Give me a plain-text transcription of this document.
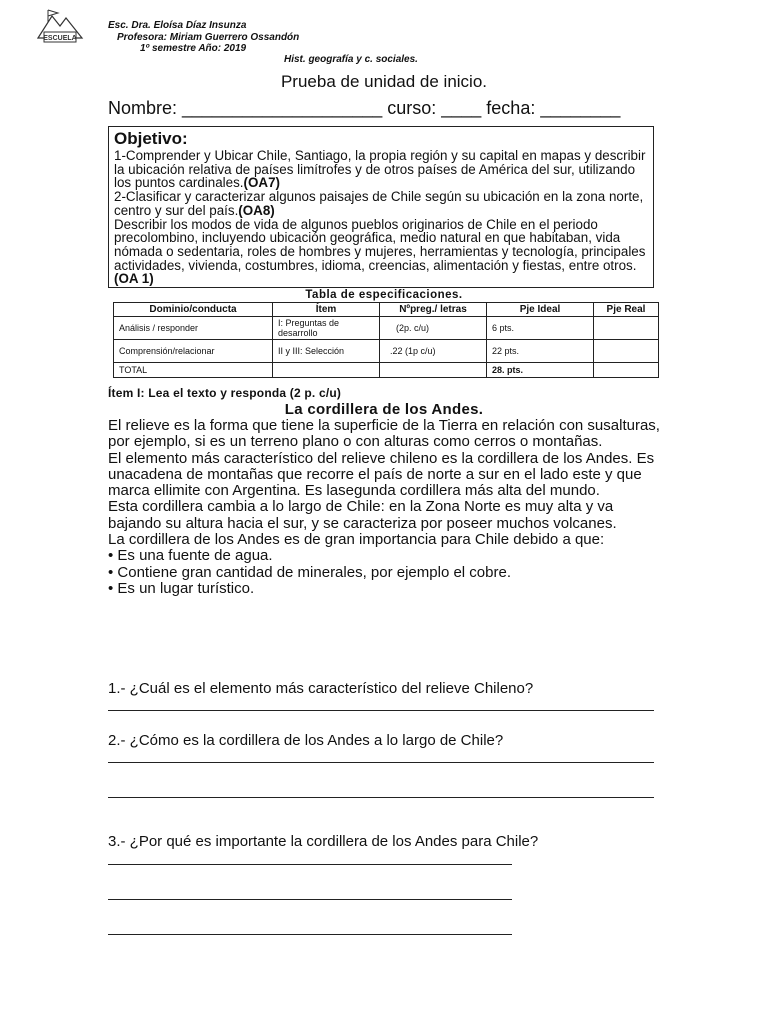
ESCUELA
Esc. Dra. Eloísa Díaz Insunza
Profesora: Miriam Guerrero Ossandón
1º semestre Año: 2019
Hist. geografía y c. sociales.
Prueba de unidad de inicio.
Nombre: ____________________ curso: ____ fecha: ________
Objetivo:

1-Comprender y Ubicar Chile, Santiago, la propia región y su capital en mapas y describir la ubicación relativa de países limítrofes y de otros países de América del sur, utilizando los puntos cardinales.(OA7)

2-Clasificar y caracterizar algunos paisajes de Chile según su ubicación en la zona norte, centro y sur del país.(OA8)

Describir los modos de vida de algunos pueblos originarios de Chile en el periodo precolombino, incluyendo ubicación geográfica, medio natural en que habitaban, vida nómada o sedentaria, roles de hombres y mujeres, herramientas y tecnología, principales actividades, vivienda, costumbres, idioma, creencias, alimentación y fiestas, entre otros. (OA 1)

Tabla de especificaciones.
Dominio/conducta	Ítem	Nºpreg./ letras	Pje Ideal	Pje Real
Análisis / responder	I: Preguntas de desarrollo	(2p. c/u)	6 pts.	
Comprensión/relacionar	II y III: Selección	.22 (1p c/u)	22 pts.	
TOTAL			28. pts.	
Ítem I: Lea el texto y responda (2 p. c/u)
La cordillera de los Andes.

El relieve es la forma que tiene la superficie de la Tierra en relación con susalturas, por ejemplo, si es un terreno plano o con alturas como cerros o montañas.

El elemento más característico del relieve chileno es la cordillera de los Andes. Es unacadena de montañas que recorre el país de norte a sur en el lado este y que marca ellimite con Argentina. Es lasegunda cordillera más alta del mundo.

Esta cordillera cambia a lo largo de Chile: en la Zona Norte es muy alta y va bajando su altura hacia el sur, y se caracteriza por poseer muchos volcanes.

La cordillera de los Andes es de gran importancia para Chile debido a que:

• Es una fuente de agua.

• Contiene gran cantidad de minerales, por ejemplo el cobre.

• Es un lugar turístico.

1.- ¿Cuál es el elemento más característico del relieve Chileno?
2.- ¿Cómo es la cordillera de los Andes a lo largo de Chile?
3.- ¿Por qué es importante la cordillera de los Andes para Chile?
